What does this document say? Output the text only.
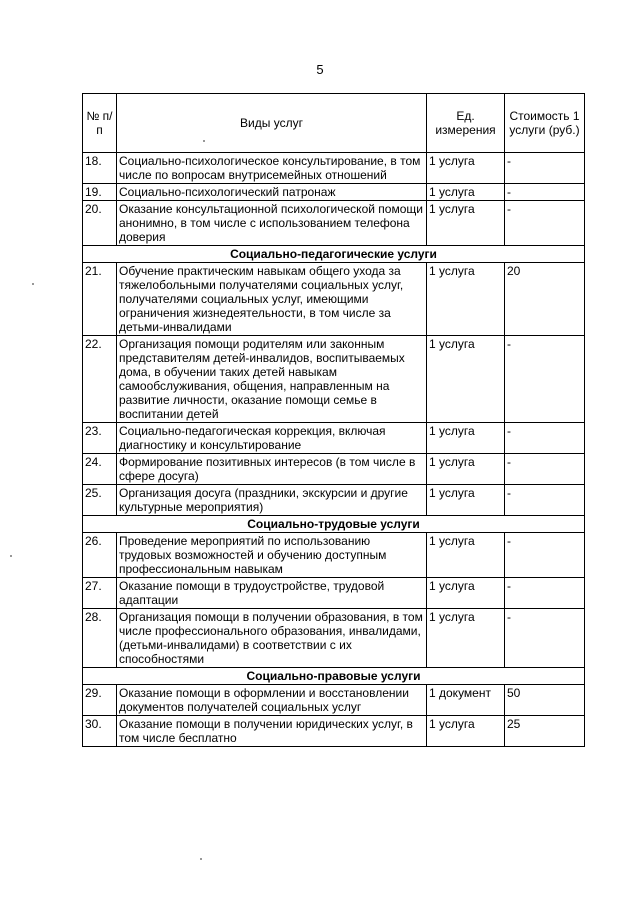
5
№ п/п	Виды услуг	Ед. измерения	Стоимость 1 услуги (руб.)
18.	Социально-психологическое консультирование, в том числе по вопросам внутрисемейных отношений	1 услуга	-
19.	Социально-психологический патронаж	1 услуга	-
20.	Оказание консультационной психологической помощи анонимно, в том числе с использованием телефона доверия	1 услуга	-
Социально-педагогические услуги			
21.	Обучение практическим навыкам общего ухода за тяжелобольными получателями социальных услуг, получателями социальных услуг, имеющими ограничения жизнедеятельности, в том числе за детьми-инвалидами	1 услуга	20
22.	Организация помощи родителям или законным представителям детей-инвалидов, воспитываемых дома, в обучении таких детей навыкам самообслуживания, общения, направленным на развитие личности, оказание помощи семье в воспитании детей	1 услуга	-
23.	Социально-педагогическая коррекция, включая диагностику и консультирование	1 услуга	-
24.	Формирование позитивных интересов (в том числе в сфере досуга)	1 услуга	-
25.	Организация досуга (праздники, экскурсии и другие культурные мероприятия)	1 услуга	-
Социально-трудовые услуги			
26.	Проведение мероприятий по использованию трудовых возможностей и обучению доступным профессиональным навыкам	1 услуга	-
27.	Оказание помощи в трудоустройстве, трудовой адаптации	1 услуга	-
28.	Организация помощи в получении образования, в том числе профессионального образования, инвалидами, (детьми-инвалидами) в соответствии с их способностями	1 услуга	-
Социально-правовые услуги			
29.	Оказание помощи в оформлении и восстановлении документов получателей социальных услуг	1 документ	50
30.	Оказание помощи в получении юридических услуг, в том числе бесплатно	1 услуга	25
